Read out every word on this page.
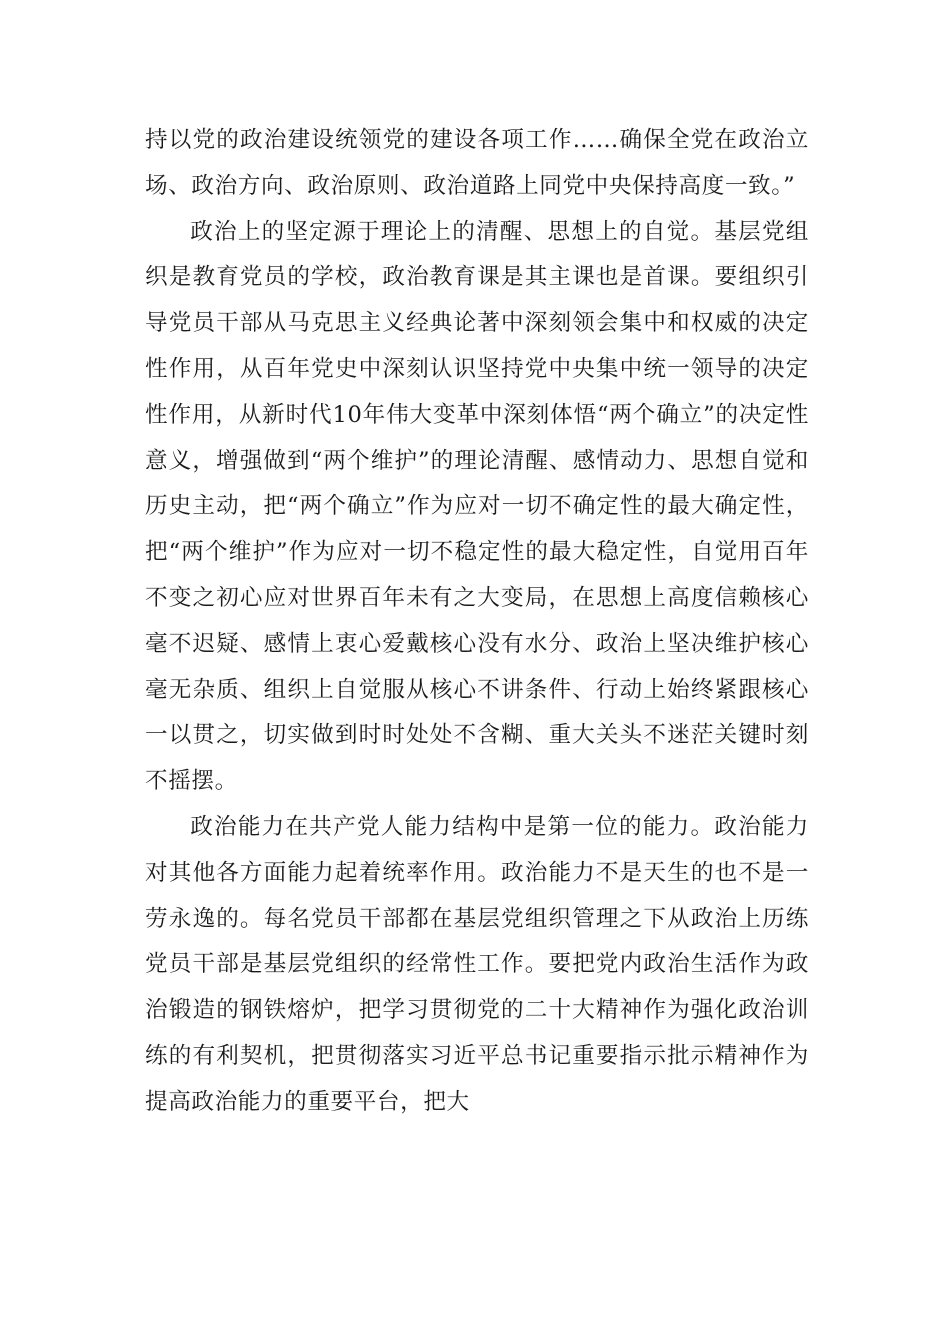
持以党的政治建设统领党的建设各项工作……确保全党在政治立场、政治方向、政治原则、政治道路上同党中央保持高度一致。”

政治上的坚定源于理论上的清醒、思想上的自觉。基层党组织是教育党员的学校，政治教育课是其主课也是首课。要组织引导党员干部从马克思主义经典论著中深刻领会集中和权威的决定性作用，从百年党史中深刻认识坚持党中央集中统一领导的决定性作用，从新时代10年伟大变革中深刻体悟“两个确立”的决定性意义，增强做到“两个维护”的理论清醒、感情动力、思想自觉和历史主动，把“两个确立”作为应对一切不确定性的最大确定性，把“两个维护”作为应对一切不稳定性的最大稳定性，自觉用百年不变之初心应对世界百年未有之大变局，在思想上高度信赖核心毫不迟疑、感情上衷心爱戴核心没有水分、政治上坚决维护核心毫无杂质、组织上自觉服从核心不讲条件、行动上始终紧跟核心一以贯之，切实做到时时处处不含糊、重大关头不迷茫关键时刻不摇摆。

政治能力在共产党人能力结构中是第一位的能力。政治能力对其他各方面能力起着统率作用。政治能力不是天生的也不是一劳永逸的。每名党员干部都在基层党组织管理之下从政治上历练党员干部是基层党组织的经常性工作。要把党内政治生活作为政治锻造的钢铁熔炉，把学习贯彻党的二十大精神作为强化政治训练的有利契机，把贯彻落实习近平总书记重要指示批示精神作为提高政治能力的重要平台，把大
